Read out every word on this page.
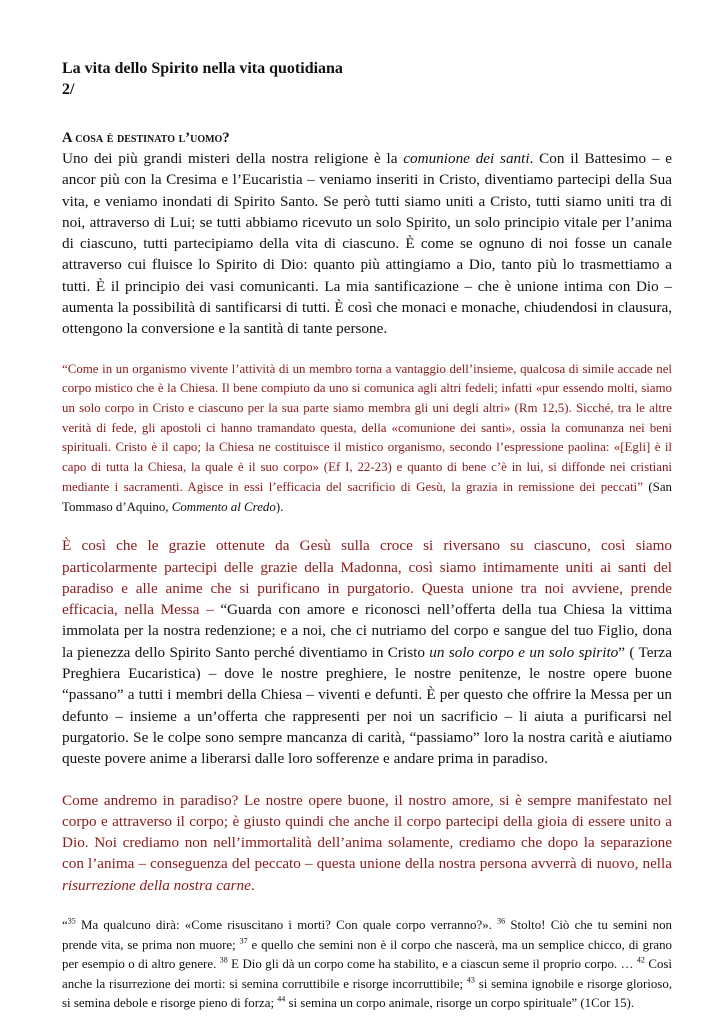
La vita dello Spirito nella vita quotidiana

2/

A cosa è destinato l’uomo?

Uno dei più grandi misteri della nostra religione è la comunione dei santi. Con il Battesimo – e ancor più con la Cresima e l’Eucaristia – veniamo inseriti in Cristo, diventiamo partecipi della Sua vita, e veniamo inondati di Spirito Santo. Se però tutti siamo uniti a Cristo, tutti siamo uniti tra di noi, attraverso di Lui; se tutti abbiamo ricevuto un solo Spirito, un solo principio vitale per l’anima di ciascuno, tutti partecipiamo della vita di ciascuno. È come se ognuno di noi fosse un canale attraverso cui fluisce lo Spirito di Dio: quanto più attingiamo a Dio, tanto più lo trasmettiamo a tutti. È il principio dei vasi comunicanti. La mia santificazione – che è unione intima con Dio – aumenta la possibilità di santificarsi di tutti. È così che monaci e monache, chiudendosi in clausura, ottengono la conversione e la santità di tante persone.

“Come in un organismo vivente l’attività di un membro torna a vantaggio dell’insieme, qualcosa di simile accade nel corpo mistico che è la Chiesa. Il bene compiuto da uno si comunica agli altri fedeli; infatti «pur essendo molti, siamo un solo corpo in Cristo e ciascuno per la sua parte siamo membra gli uni degli altri» (Rm 12,5). Sicché, tra le altre verità di fede, gli apostoli ci hanno tramandato questa, della «comunione dei santi», ossia la comunanza nei beni spirituali. Cristo è il capo; la Chiesa ne costituisce il mistico organismo, secondo l’espressione paolina: «[Egli] è il capo di tutta la Chiesa, la quale è il suo corpo» (Ef I, 22-23) e quanto di bene c’è in lui, si diffonde nei cristiani mediante i sacramenti. Agisce in essi l’efficacia del sacrificio di Gesù, la grazia in remissione dei peccati” (San Tommaso d’Aquino, Commento al Credo).

È così che le grazie ottenute da Gesù sulla croce si riversano su ciascuno, così siamo particolarmente partecipi delle grazie della Madonna, così siamo intimamente uniti ai santi del paradiso e alle anime che si purificano in purgatorio. Questa unione tra noi avviene, prende efficacia, nella Messa – “Guarda con amore e riconosci nell’offerta della tua Chiesa la vittima immolata per la nostra redenzione; e a noi, che ci nutriamo del corpo e sangue del tuo Figlio, dona la pienezza dello Spirito Santo perché diventiamo in Cristo un solo corpo e un solo spirito” ( Terza Preghiera Eucaristica) – dove le nostre preghiere, le nostre penitenze, le nostre opere buone “passano” a tutti i membri della Chiesa – viventi e defunti. È per questo che offrire la Messa per un defunto – insieme a un’offerta che rappresenti per noi un sacrificio – li aiuta a purificarsi nel purgatorio. Se le colpe sono sempre mancanza di carità, “passiamo” loro la nostra carità e aiutiamo queste povere anime a liberarsi dalle loro sofferenze e andare prima in paradiso.

Come andremo in paradiso? Le nostre opere buone, il nostro amore, si è sempre manifestato nel corpo e attraverso il corpo; è giusto quindi che anche il corpo partecipi della gioia di essere unito a Dio. Noi crediamo non nell’immortalità dell’anima solamente, crediamo che dopo la separazione con l’anima – conseguenza del peccato – questa unione della nostra persona avverrà di nuovo, nella risurrezione della nostra carne.

“$^{35}$ Ma qualcuno dirà: «Come risuscitano i morti? Con quale corpo verranno?». $^{36}$ Stolto! Ciò che tu semini non prende vita, se prima non muore; $^{37}$ e quello che semini non è il corpo che nascerà, ma un semplice chicco, di grano per esempio o di altro genere. $^{38}$ E Dio gli dà un corpo come ha stabilito, e a ciascun seme il proprio corpo. … $^{42}$ Così anche la risurrezione dei morti: si semina corruttibile e risorge incorruttibile; $^{43}$ si semina ignobile e risorge glorioso, si semina debole e risorge pieno di forza; $^{44}$ si semina un corpo animale, risorge un corpo spirituale” (1Cor 15).
